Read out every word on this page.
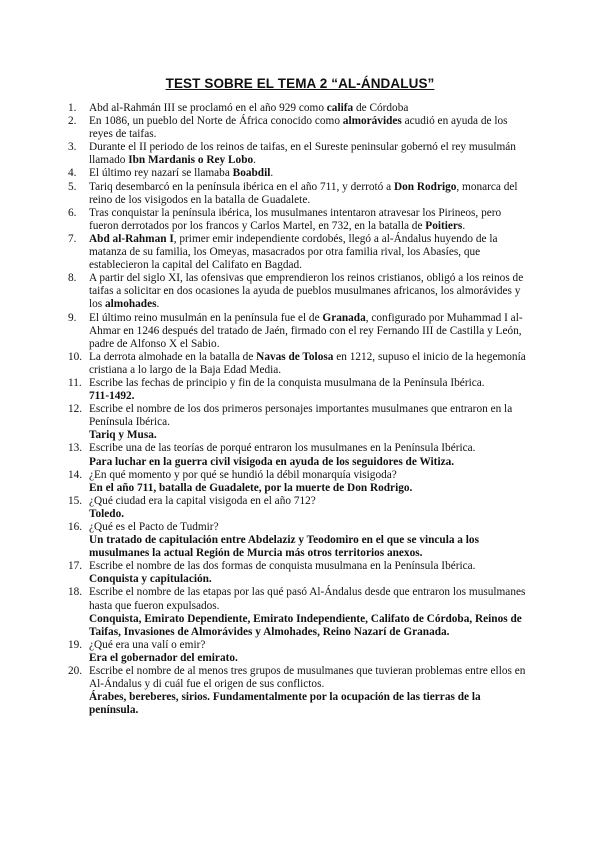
TEST SOBRE EL TEMA 2 “AL-ÁNDALUS”
1. Abd al-Rahmán III se proclamó en el año 929 como califa de Córdoba
2. En 1086, un pueblo del Norte de África conocido como almorávides acudió en ayuda de los reyes de taifas.
3. Durante el II periodo de los reinos de taifas, en el Sureste peninsular gobernó el rey musulmán llamado Ibn Mardanis o Rey Lobo.
4. El último rey nazarí se llamaba Boabdil.
5. Tariq desembarcó en la península ibérica en el año 711, y derrotó a Don Rodrigo, monarca del reino de los visigodos en la batalla de Guadalete.
6. Tras conquistar la península ibérica, los musulmanes intentaron atravesar los Pirineos, pero fueron derrotados por los francos y Carlos Martel, en 732, en la batalla de Poitiers.
7. Abd al-Rahman I, primer emir independiente cordobés, llegó a al-Ándalus huyendo de la matanza de su familia, los Omeyas, masacrados por otra familia rival, los Abasíes, que establecieron la capital del Califato en Bagdad.
8. A partir del siglo XI, las ofensivas que emprendieron los reinos cristianos, obligó a los reinos de taifas a solicitar en dos ocasiones la ayuda de pueblos musulmanes africanos, los almorávides y los almohades.
9. El último reino musulmán en la península fue el de Granada, configurado por Muhammad I al-Ahmar en 1246 después del tratado de Jaén, firmado con el rey Fernando III de Castilla y León, padre de Alfonso X el Sabio.
10. La derrota almohade en la batalla de Navas de Tolosa en 1212, supuso el inicio de la hegemonía cristiana a lo largo de la Baja Edad Media.
11. Escribe las fechas de principio y fin de la conquista musulmana de la Península Ibérica.
711-1492.
12. Escribe el nombre de los dos primeros personajes importantes musulmanes que entraron en la Península Ibérica.
Tariq y Musa.
13. Escribe una de las teorías de porqué entraron los musulmanes en la Península Ibérica.
Para luchar en la guerra civil visigoda en ayuda de los seguidores de Witiza.
14. ¿En qué momento y por qué se hundió la débil monarquía visigoda?
En el año 711, batalla de Guadalete, por la muerte de Don Rodrigo.
15. ¿Qué ciudad era la capital visigoda en el año 712?
Toledo.
16. ¿Qué es el Pacto de Tudmir?
Un tratado de capitulación entre Abdelaziz y Teodomiro en el que se vincula a los musulmanes la actual Región de Murcia más otros territorios anexos.
17. Escribe el nombre de las dos formas de conquista musulmana en la Península Ibérica.
Conquista y capitulación.
18. Escribe el nombre de las etapas por las qué pasó Al-Ándalus desde que entraron los musulmanes hasta que fueron expulsados.
Conquista, Emirato Dependiente, Emirato Independiente, Califato de Córdoba, Reinos de Taifas, Invasiones de Almorávides y Almohades, Reino Nazarí de Granada.
19. ¿Qué era una valí o emir?
Era el gobernador del emirato.
20. Escribe el nombre de al menos tres grupos de musulmanes que tuvieran problemas entre ellos en Al-Ándalus y di cuál fue el origen de sus conflictos.
Árabes, bereberes, sirios. Fundamentalmente por la ocupación de las tierras de la península.
